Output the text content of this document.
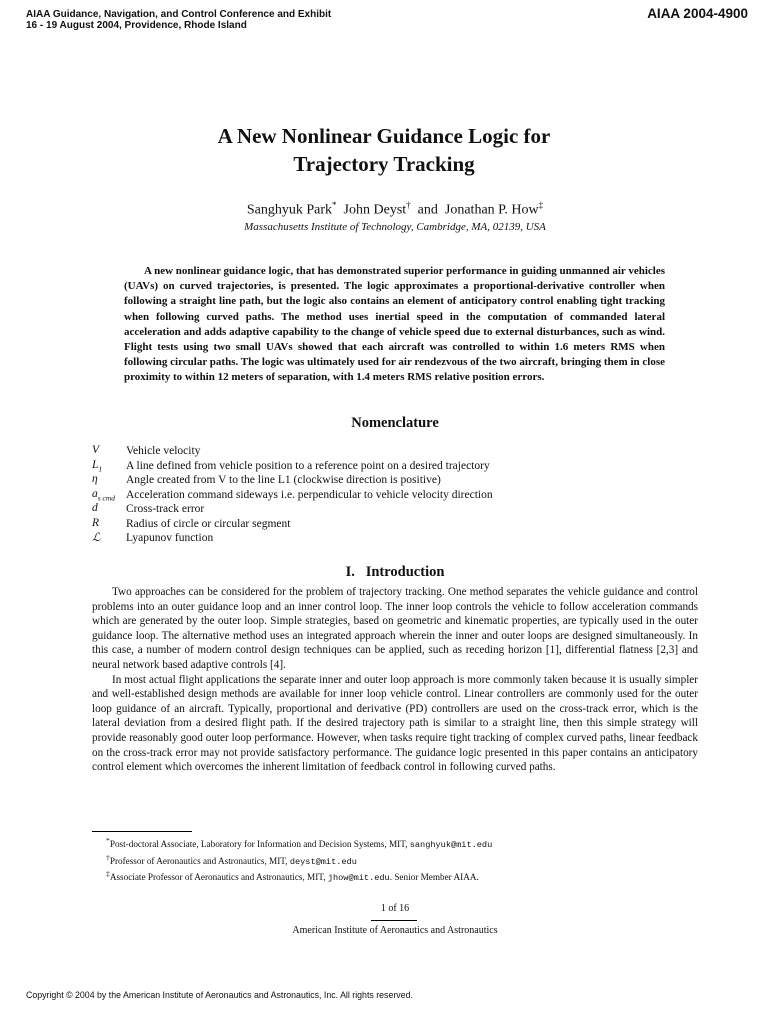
AIAA Guidance, Navigation, and Control Conference and Exhibit
16 - 19 August 2004, Providence, Rhode Island
AIAA 2004-4900
A New Nonlinear Guidance Logic for
Trajectory Tracking
Sanghyuk Park* John Deyst† and Jonathan P. How‡
Massachusetts Institute of Technology, Cambridge, MA, 02139, USA
A new nonlinear guidance logic, that has demonstrated superior performance in guiding unmanned air vehicles (UAVs) on curved trajectories, is presented. The logic approximates a proportional-derivative controller when following a straight line path, but the logic also contains an element of anticipatory control enabling tight tracking when following curved paths. The method uses inertial speed in the computation of commanded lateral acceleration and adds adaptive capability to the change of vehicle speed due to external disturbances, such as wind. Flight tests using two small UAVs showed that each aircraft was controlled to within 1.6 meters RMS when following circular paths. The logic was ultimately used for air rendezvous of the two aircraft, bringing them in close proximity to within 12 meters of separation, with 1.4 meters RMS relative position errors.
Nomenclature
V	Vehicle velocity
$L_1$	A line defined from vehicle position to a reference point on a desired trajectory
η	Angle created from V to the line L1 (clockwise direction is positive)
$a_{s cmd}$ Acceleration command sideways i.e. perpendicular to vehicle velocity direction
d	Cross-track error
R	Radius of circle or circular segment
ℒ	Lyapunov function
I.   Introduction

Two approaches can be considered for the problem of trajectory tracking. One method separates the vehicle guidance and control problems into an outer guidance loop and an inner control loop. The inner loop controls the vehicle to follow acceleration commands which are generated by the outer loop. Simple strategies, based on geometric and kinematic properties, are typically used in the outer guidance loop. The alternative method uses an integrated approach wherein the inner and outer loops are designed simultaneously. In this case, a number of modern control design techniques can be applied, such as receding horizon [1], differential flatness [2,3] and neural network based adaptive controls [4].

In most actual flight applications the separate inner and outer loop approach is more commonly taken because it is usually simpler and well-established design methods are available for inner loop vehicle control. Linear controllers are commonly used for the outer loop guidance of an aircraft. Typically, proportional and derivative (PD) controllers are used on the cross-track error, which is the lateral deviation from a desired flight path. If the desired trajectory path is similar to a straight line, then this simple strategy will provide reasonably good outer loop performance. However, when tasks require tight tracking of complex curved paths, linear feedback on the cross-track error may not provide satisfactory performance. The guidance logic presented in this paper contains an anticipatory control element which overcomes the inherent limitation of feedback control in following curved paths.

*Post-doctoral Associate, Laboratory for Information and Decision Systems, MIT, sanghyuk@mit.edu
†Professor of Aeronautics and Astronautics, MIT, deyst@mit.edu
‡Associate Professor of Aeronautics and Astronautics, MIT, jhow@mit.edu. Senior Member AIAA.
1 of 16
American Institute of Aeronautics and Astronautics
Copyright © 2004 by the American Institute of Aeronautics and Astronautics, Inc. All rights reserved.
